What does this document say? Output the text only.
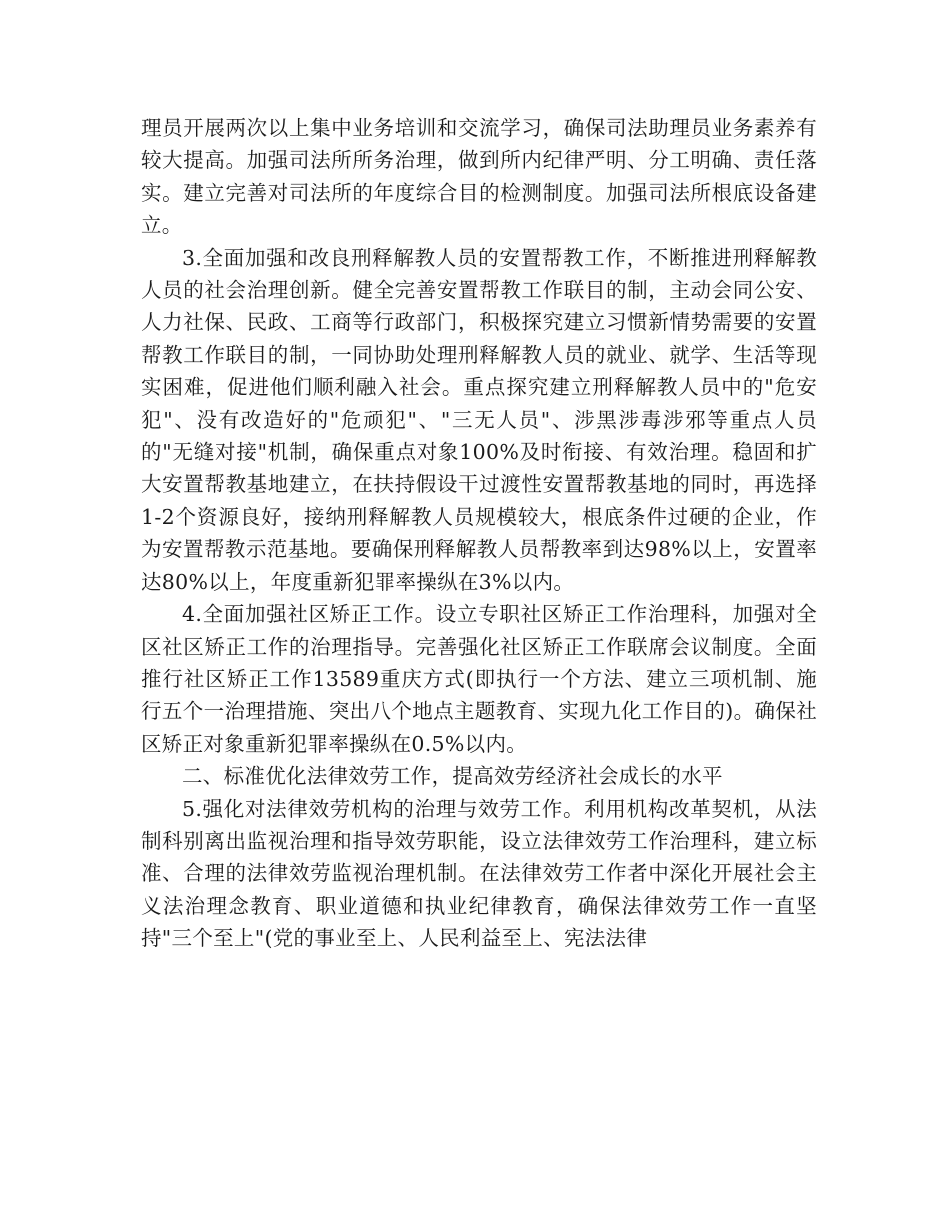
理员开展两次以上集中业务培训和交流学习，确保司法助理员业务素养有较大提高。加强司法所所务治理，做到所内纪律严明、分工明确、责任落实。建立完善对司法所的年度综合目的检测制度。加强司法所根底设备建立。

3.全面加强和改良刑释解教人员的安置帮教工作，不断推进刑释解教人员的社会治理创新。健全完善安置帮教工作联目的制，主动会同公安、人力社保、民政、工商等行政部门，积极探究建立习惯新情势需要的安置帮教工作联目的制，一同协助处理刑释解教人员的就业、就学、生活等现实困难，促进他们顺利融入社会。重点探究建立刑释解教人员中的"危安犯"、没有改造好的"危顽犯"、"三无人员"、涉黑涉毒涉邪等重点人员的"无缝对接"机制，确保重点对象100%及时衔接、有效治理。稳固和扩大安置帮教基地建立，在扶持假设干过渡性安置帮教基地的同时，再选择1-2个资源良好，接纳刑释解教人员规模较大，根底条件过硬的企业，作为安置帮教示范基地。要确保刑释解教人员帮教率到达98%以上，安置率达80%以上，年度重新犯罪率操纵在3%以内。

4.全面加强社区矫正工作。设立专职社区矫正工作治理科，加强对全区社区矫正工作的治理指导。完善强化社区矫正工作联席会议制度。全面推行社区矫正工作13589重庆方式(即执行一个方法、建立三项机制、施行五个一治理措施、突出八个地点主题教育、实现九化工作目的)。确保社区矫正对象重新犯罪率操纵在0.5%以内。

二、标准优化法律效劳工作，提高效劳经济社会成长的水平

5.强化对法律效劳机构的治理与效劳工作。利用机构改革契机，从法制科别离出监视治理和指导效劳职能，设立法律效劳工作治理科，建立标准、合理的法律效劳监视治理机制。在法律效劳工作者中深化开展社会主义法治理念教育、职业道德和执业纪律教育，确保法律效劳工作一直坚持"三个至上"(党的事业至上、人民利益至上、宪法法律
